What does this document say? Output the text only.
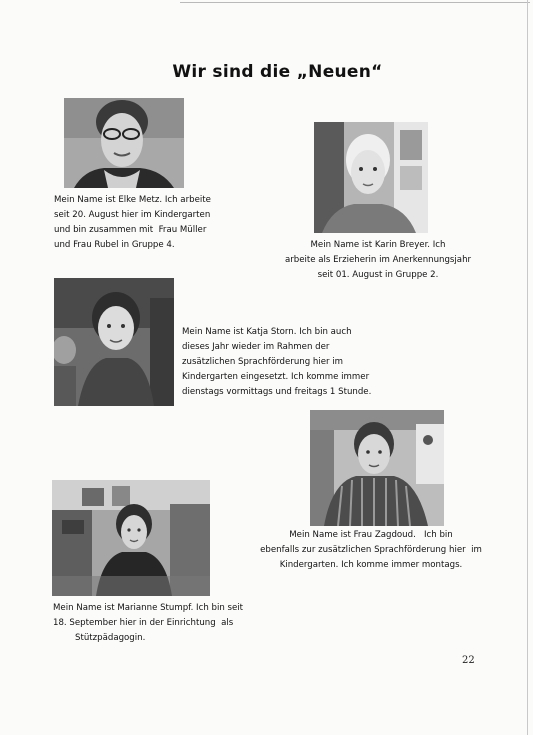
Wir sind die „Neuen“
Mein Name ist Elke Metz. Ich arbeite
seit 20. August hier im Kindergarten
und bin zusammen mit  Frau Müller
und Frau Rubel in Gruppe 4.	Mein Name ist Karin Breyer. Ich
arbeite als Erzieherin im Anerkennungsjahr
seit 01. August in Gruppe 2.
Mein Name ist Katja Storn. Ich bin auch
dieses Jahr wieder im Rahmen der
zusätzlichen Sprachförderung hier im
Kindergarten eingesetzt. Ich komme immer
dienstags vormittags und freitags 1 Stunde.
Mein Name ist Frau Zagdoud.   Ich bin
ebenfalls zur zusätzlichen Sprachförderung hier  im
Kindergarten. Ich komme immer montags.
Mein Name ist Marianne Stumpf. Ich bin seit
18. September hier in der Einrichtung  als
Stützpädagogin.
22
